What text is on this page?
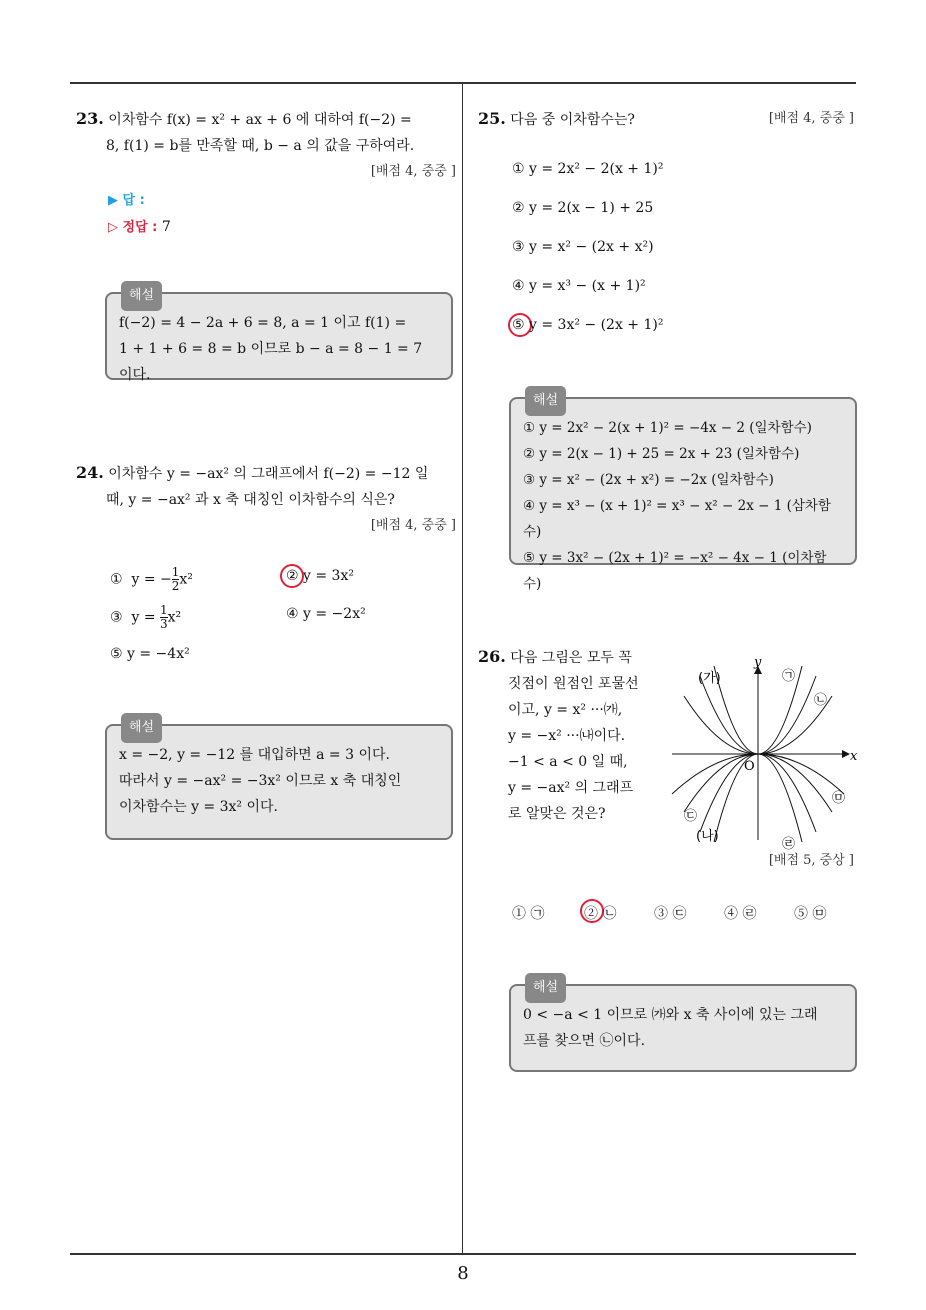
8
23. 이차함수 f(x) = x² + ax + 6 에 대하여 f(−2) =
8, f(1) = b를 만족할 때, b − a 의 값을 구하여라.
[배점 4, 중중 ]
▶ 답 :
▷ 정답 : 7
해설
f(−2) = 4 − 2a + 6 = 8, a = 1 이고 f(1) =
1 + 1 + 6 = 8 = b 이므로 b − a = 8 − 1 = 7 이다.
24. 이차함수 y = −ax² 의 그래프에서 f(−2) = −12 일
때, y = −ax² 과 x 축 대칭인 이차함수의 식은?
[배점 4, 중중 ]
① y = − $\frac{1}{2} x^2$	② y = 3x²
③ $y = \frac{1}{3} x^2$	④ y = −2x²
⑤ y = −4x²
해설
x = −2, y = −12 를 대입하면 a = 3 이다.
따라서 y = −ax² = −3x² 이므로 x 축 대칭인
이차함수는 y = 3x² 이다.
25. 다음 중 이차함수는?	[배점 4, 중중 ]
① y = 2x² − 2(x + 1)²
② y = 2(x − 1) + 25
③ y = x² − (2x + x²)
④ y = x³ − (x + 1)²
⑤ y = 3x² − (2x + 1)²
해설
① y = 2x² − 2(x + 1)² = −4x − 2 (일차함수)
② y = 2(x − 1) + 25 = 2x + 23 (일차함수)
③ y = x² − (2x + x²) = −2x (일차함수)
④ y = x³ − (x + 1)² = x³ − x² − 2x − 1 (삼차함수)
⑤ y = 3x² − (2x + 1)² = −x² − 4x − 1 (이차함수)
26. 다음 그림은 모두 꼭
짓점이 원점인 포물선
이고, y = x² ···㈎,
y = −x² ···㈏이다.
−1 < a < 0 일 때,
y = −ax² 의 그래프
로 알맞은 것은?
(가)
(나)
㉠
㉡
㉢
㉣
㉤
x
y
O
[배점 5, 중상 ]
① ㉠	② ㉡	③ ㉢	④ ㉣	⑤ ㉤
해설
0 < −a < 1 이므로 ㈎와 x 축 사이에 있는 그래
프를 찾으면 ㉡이다.
